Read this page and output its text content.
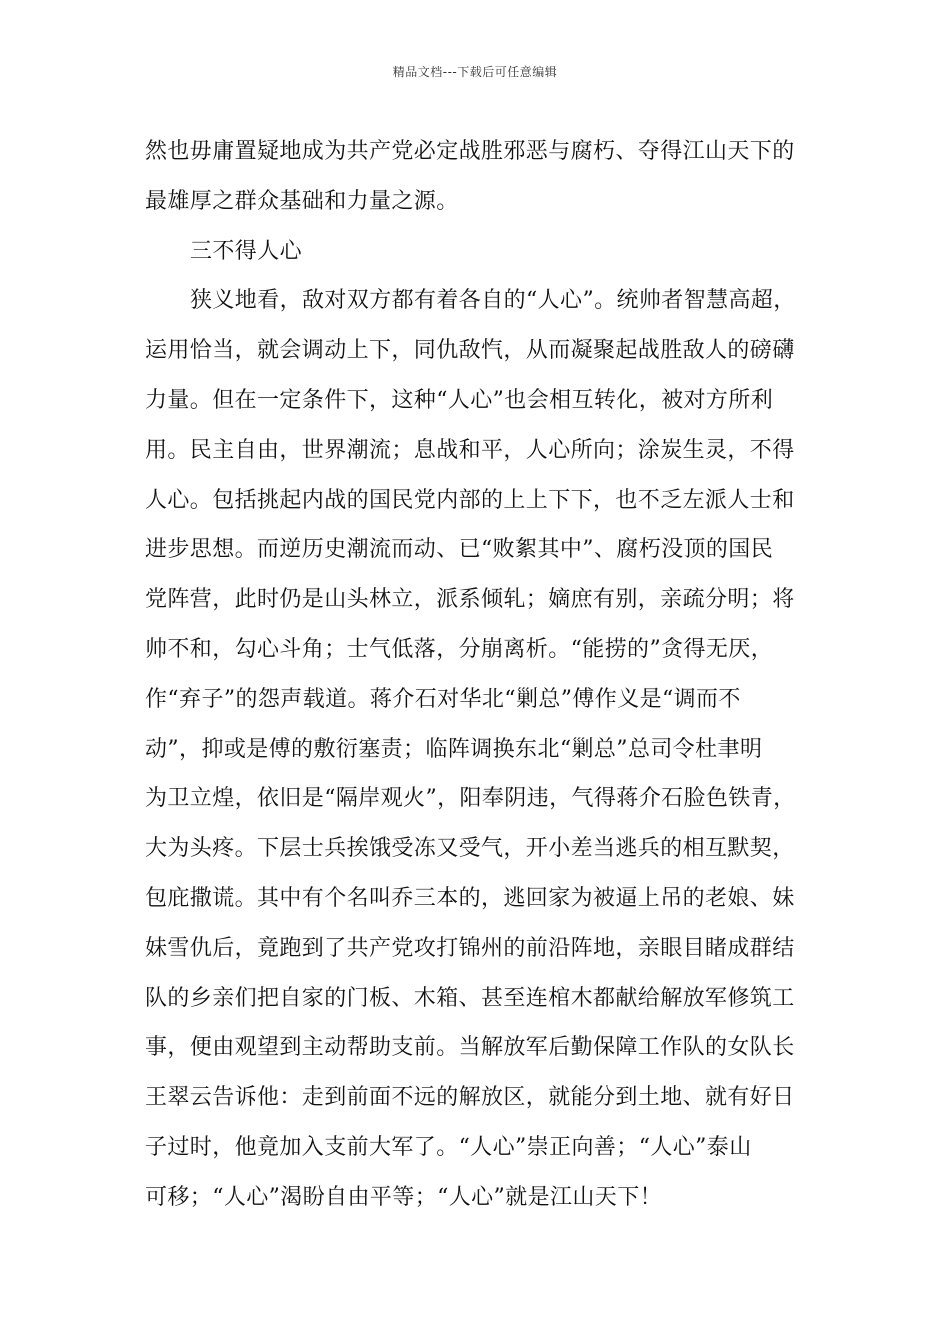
精品文档---下载后可任意编辑
然也毋庸置疑地成为共产党必定战胜邪恶与腐朽、夺得江山天下的
最雄厚之群众基础和力量之源。
三不得人心
狭义地看，敌对双方都有着各自的“人心”。统帅者智慧高超，
运用恰当，就会调动上下，同仇敌忾，从而凝聚起战胜敌人的磅礴
力量。但在一定条件下，这种“人心”也会相互转化，被对方所利
用。民主自由，世界潮流；息战和平，人心所向；涂炭生灵，不得
人心。包括挑起内战的国民党内部的上上下下，也不乏左派人士和
进步思想。而逆历史潮流而动、已“败絮其中”、腐朽没顶的国民
党阵营，此时仍是山头林立，派系倾轧；嫡庶有别，亲疏分明；将
帅不和，勾心斗角；士气低落，分崩离析。“能捞的”贪得无厌，
作“弃子”的怨声载道。蒋介石对华北“剿总”傅作义是“调而不
动”，抑或是傅的敷衍塞责；临阵调换东北“剿总”总司令杜聿明
为卫立煌，依旧是“隔岸观火”，阳奉阴违，气得蒋介石脸色铁青，
大为头疼。下层士兵挨饿受冻又受气，开小差当逃兵的相互默契，
包庇撒谎。其中有个名叫乔三本的，逃回家为被逼上吊的老娘、妹
妹雪仇后，竟跑到了共产党攻打锦州的前沿阵地，亲眼目睹成群结
队的乡亲们把自家的门板、木箱、甚至连棺木都献给解放军修筑工
事，便由观望到主动帮助支前。当解放军后勤保障工作队的女队长
王翠云告诉他：走到前面不远的解放区，就能分到土地、就有好日
子过时，他竟加入支前大军了。“人心”崇正向善；“人心”泰山
可移；“人心”渴盼自由平等；“人心”就是江山天下！
